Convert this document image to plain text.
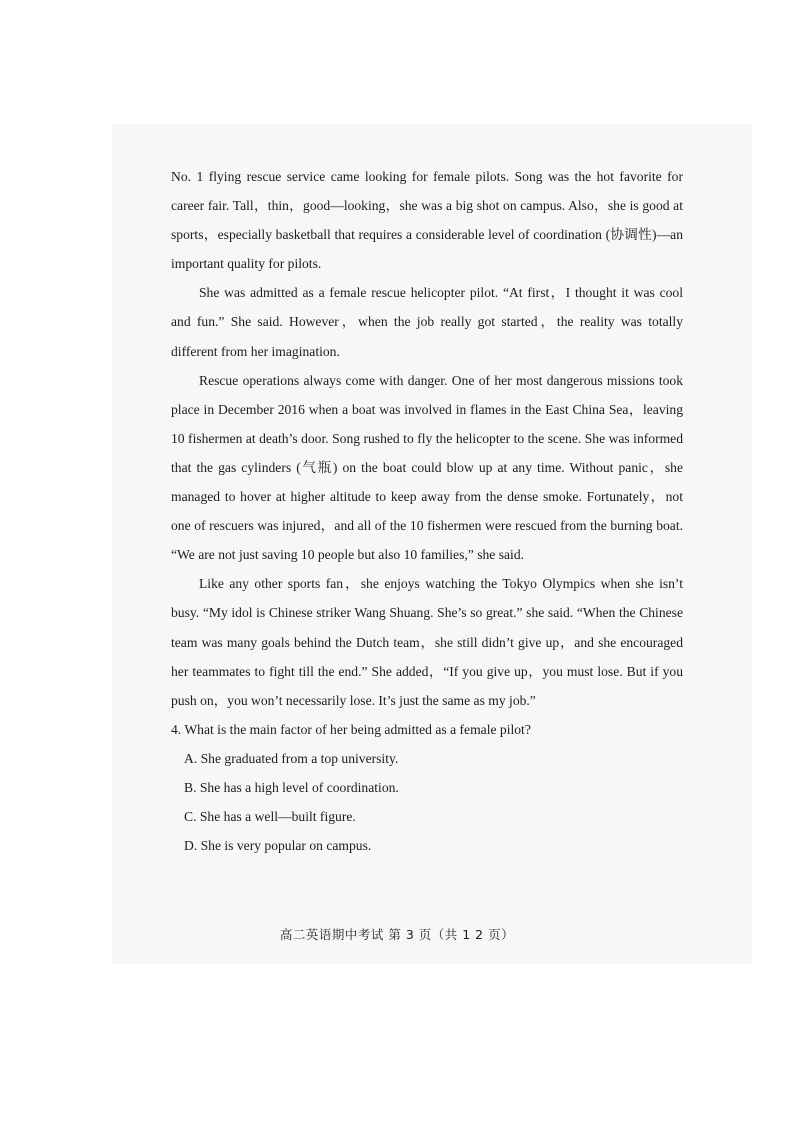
No. 1 flying rescue service came looking for female pilots. Song was the hot favorite for career fair. Tall，thin，good—looking，she was a big shot on campus. Also，she is good at sports，especially basketball that requires a considerable level of coordination (协调性)—an important quality for pilots.

She was admitted as a female rescue helicopter pilot. “At first，I thought it was cool and fun.” She said. However，when the job really got started，the reality was totally different from her imagination.

Rescue operations always come with danger. One of her most dangerous missions took place in December 2016 when a boat was involved in flames in the East China Sea，leaving 10 fishermen at death’s door. Song rushed to fly the helicopter to the scene. She was informed that the gas cylinders (气瓶) on the boat could blow up at any time. Without panic，she managed to hover at higher altitude to keep away from the dense smoke. Fortunately，not one of rescuers was injured，and all of the 10 fishermen were rescued from the burning boat. “We are not just saving 10 people but also 10 families,” she said.

Like any other sports fan，she enjoys watching the Tokyo Olympics when she isn’t busy. “My idol is Chinese striker Wang Shuang. She’s so great.” she said. “When the Chinese team was many goals behind the Dutch team，she still didn’t give up，and she encouraged her teammates to fight till the end.” She added，“If you give up，you must lose. But if you push on，you won’t necessarily lose. It’s just the same as my job.”

4. What is the main factor of her being admitted as a female pilot?

A. She graduated from a top university.
B. She has a high level of coordination.
C. She has a well—built figure.
D. She is very popular on campus.
高二英语期中考试 第 3 页（共 1 2 页）
